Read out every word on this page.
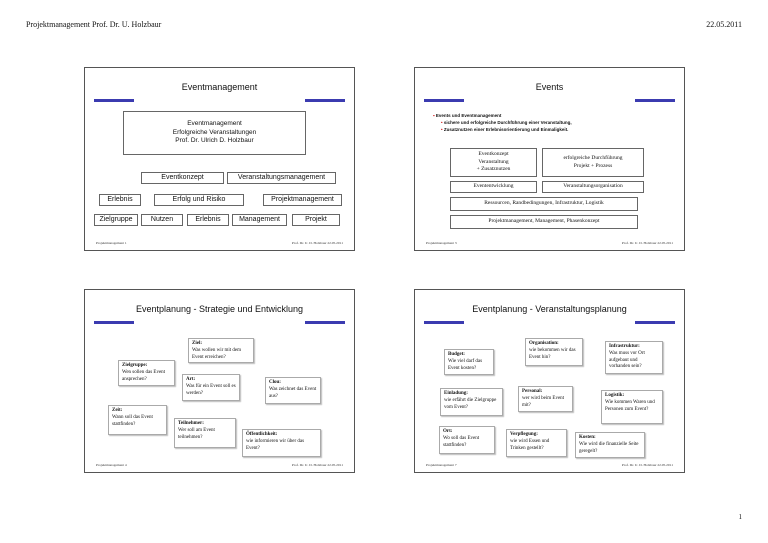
Projektmanagement Prof. Dr. U. Holzbaur	22.05.2011
Eventmanagement
Eventmanagement
Erfolgreiche Veranstaltungen
Prof. Dr. Ulrich D. Holzbaur
Eventkonzept	Veranstaltungsmanagement
Erlebnis	Erfolg und Risiko	Projektmanagement
Zielgruppe	Nutzen	Erlebnis	Management	Projekt
Projektmanagement 1	Prof. Dr. U. D. Holzbaur 22.05.2011
Events
▪ Events und Eventmanagement
• sichere und erfolgreiche Durchführung einer Veranstaltung,
• Zusatznutzen einer Erlebnisorientierung und Einmaligkeit.
Eventkonzept
Veranstaltung
+ Zusatznutzen
erfolgreiche Durchführung
Projekt + Prozess
Evententwicklung	Veranstaltungsorganisation
Ressourcen, Randbedingungen, Infrastruktur, Logistik
Projektmanagement, Management, Phasenkonzept
Projektmanagement 3	Prof. Dr. U. D. Holzbaur 22.05.2011
Eventplanung - Strategie und Entwicklung
Ziel:
Was wollen wir mit dem Event erreichen?
Zielgruppe:
Wen sollen das Event ansprechen?	Art:
Was für ein Event soll es werden?
Clou:
Was zeichnet das Event aus?
Zeit:
Wann soll das Event stattfinden?	Teilnehmer:
Wer soll am Event teilnehmen?	Öffentlichkeit:
wie informieren wir über das Event?
Projektmanagement 4	Prof. Dr. U. D. Holzbaur 22.05.2011
Eventplanung - Veranstaltungsplanung
Organisation:
wie bekommen wir das Event hin?
Infrastruktur:
Was muss vor Ort aufgebaut und vorhanden sein?
Budget:
Wie viel darf das Event kosten?
Personal:
wer wird beim Event mit?
Logistik:
Wie kommen Waren und Personen zum Event?
Einladung:
wie erfährt die Zielgruppe vom Event?
Ort:
Wo soll das Event stattfinden?
Verpflegung:
wie wird Essen und Trinken gestellt?
Kosten:
Wie wird die finanzielle Seite geregelt?
Projektmanagement 7	Prof. Dr. U. D. Holzbaur 22.05.2011
1
